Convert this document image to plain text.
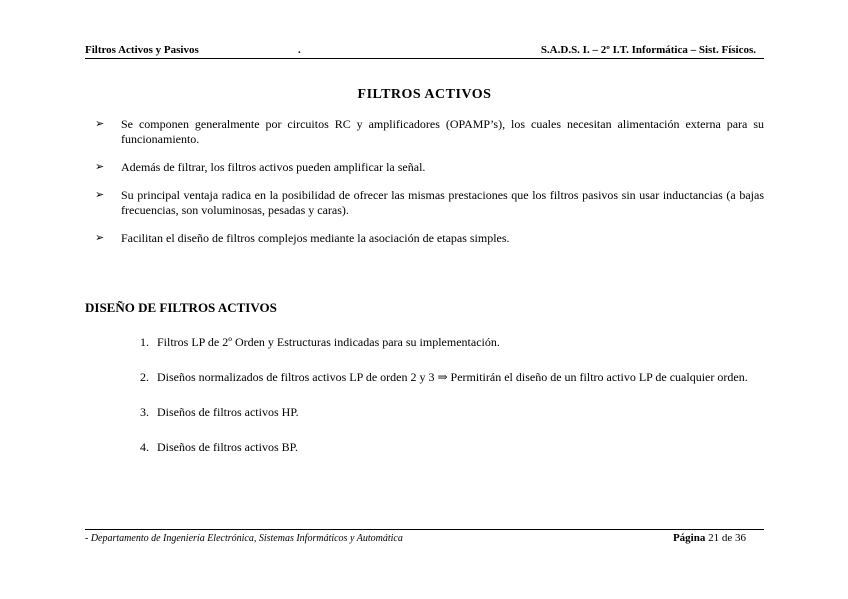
Filtros Activos y Pasivos	.	S.A.D.S. I. – 2º I.T. Informática – Sist. Físicos.
FILTROS ACTIVOS
➢ Se componen generalmente por circuitos RC y amplificadores (OPAMP’s), los cuales necesitan alimentación externa para su funcionamiento.
➢ Además de filtrar, los filtros activos pueden amplificar la señal.
➢ Su principal ventaja radica en la posibilidad de ofrecer las mismas prestaciones que los filtros pasivos sin usar inductancias (a bajas frecuencias, son voluminosas, pesadas y caras).
➢ Facilitan el diseño de filtros complejos mediante la asociación de etapas simples.
DISEÑO DE FILTROS ACTIVOS
1. Filtros LP de 2º Orden y Estructuras indicadas para su implementación.
2. Diseños normalizados de filtros activos LP de orden 2 y 3 ⇒ Permitirán el diseño de un filtro activo LP de cualquier orden.
3. Diseños de filtros activos HP.
4. Diseños de filtros activos BP.
- Departamento de Ingeniería Electrónica, Sistemas Informáticos y Automática	Página 21 de 36
